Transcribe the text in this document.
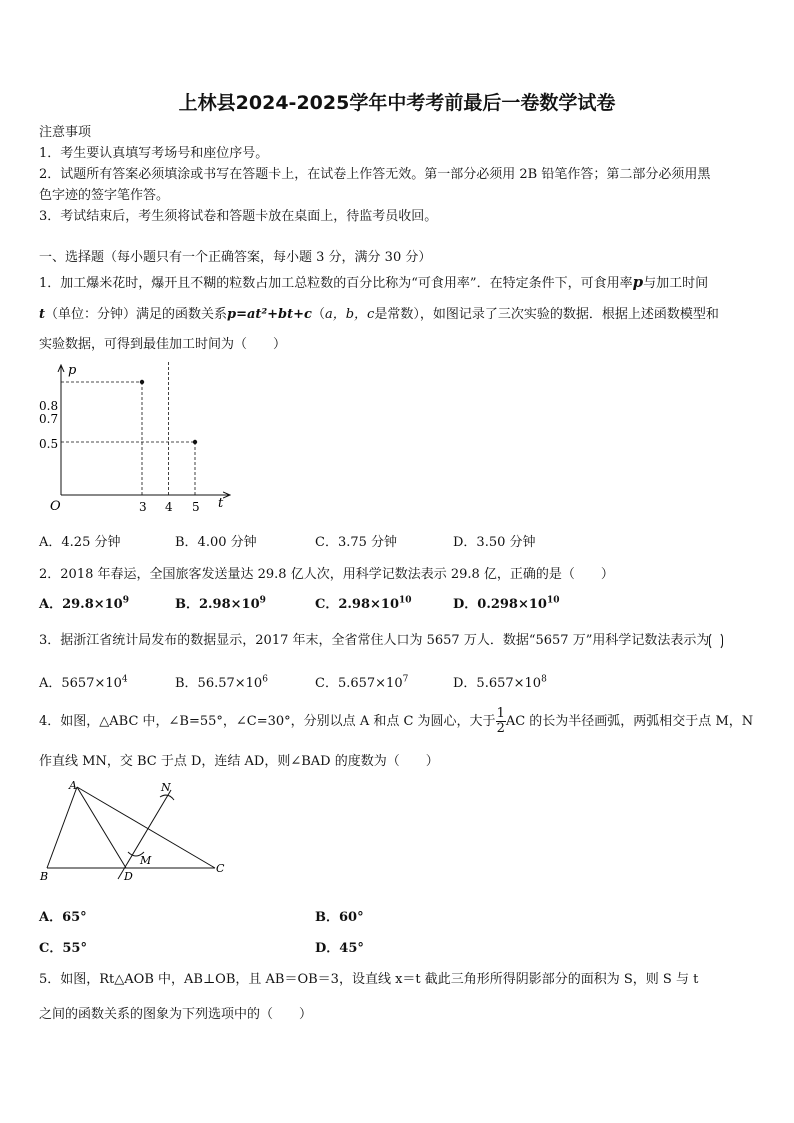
上林县2024-2025学年中考考前最后一卷数学试卷
注意事项
1．考生要认真填写考场号和座位序号。
2．试题所有答案必须填涂或书写在答题卡上，在试卷上作答无效。第一部分必须用 2B 铅笔作答；第二部分必须用黑
色字迹的签字笔作答。
3．考试结束后，考生须将试卷和答题卡放在桌面上，待监考员收回。
一、选择题（每小题只有一个正确答案，每小题 3 分，满分 30 分）
1．加工爆米花时，爆开且不糊的粒数占加工总粒数的百分比称为“可食用率”．在特定条件下，可食用率p与加工时间
t（单位：分钟）满足的函数关系p=at²+bt+c（a，b，c是常数），如图记录了三次实验的数据．根据上述函数模型和
实验数据，可得到最佳加工时间为（　　）
p
t
O
0.8
0.7
0.5
3 4 5
A．4.25 分钟	B．4.00 分钟	C．3.75 分钟	D．3.50 分钟
2．2018 年春运，全国旅客发送量达 29.8 亿人次，用科学记数法表示 29.8 亿，正确的是（　　）
A．$29.8\times 10^9$	B．$2.98\times 10^9$	C．$2.98\times 10^{10}$	D．$0.298\times 10^{10}$
3．据浙江省统计局发布的数据显示，2017 年末，全省常住人口为 5657 万人．数据“5657 万”用科学记数法表示为
A．$5657\times 10^4$	B．$56.57\times 10^6$	C．$5.657\times 10^7$	D．$5.657\times 10^8$
4．如图，△ABC 中，∠B=55°，∠C=30°，分别以点 A 和点 C 为圆心，大于 $\frac{1}{2}$ AC 的长为半径画弧，两弧相交于点 M，N
作直线 MN，交 BC 于点 D，连结 AD，则∠BAD 的度数为（　　）
A
B
C
D
M
N
A．65°	B．60°
C．55°	D．45°
5．如图，Rt△AOB 中，AB⊥OB，且 AB＝OB＝3，设直线 x＝t 截此三角形所得阴影部分的面积为 S，则 S 与 t
之间的函数关系的图象为下列选项中的（　　）
